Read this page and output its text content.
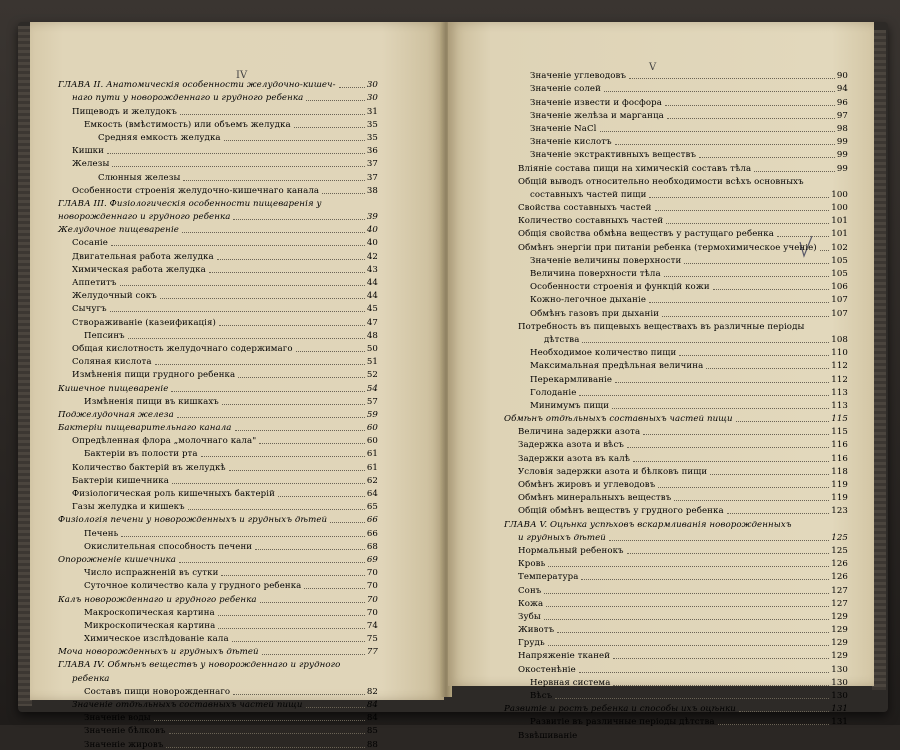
IV
V
ГЛАВА II. Анатомическія особенности желудочно-кишеч-	30
наго пути у новорожденнаго и грудного ребенка	30
Пищеводъ и желудокъ	31
Емкость (вмѣстимость) или объемъ желудка	35
Средняя емкость желудка	35
Кишки	36
Железы	37
Слюнныя железы	37
Особенности строенія желудочно-кишечнаго канала	38
ГЛАВА III. Физіологическія особенности пищеваренія у
новорожденнаго и грудного ребенка	39
Желудочное пищевареніе	40
Сосаніе	40
Двигательная работа желудка	42
Химическая работа желудка	43
Аппетитъ	44
Желудочный сокъ	44
Сычугъ	45
Створаживаніе (казеификація)	47
Пепсинъ	48
Общая кислотность желудочнаго содержимаго	50
Соляная кислота	51
Измѣненія пищи грудного ребенка	52
Кишечное пищевареніе	54
Измѣненія пищи въ кишкахъ	57
Поджелудочная железа	59
Бактеріи пищеварительнаго канала	60
Опредѣленная флора „молочнаго кала"	60
Бактеріи въ полости рта	61
Количество бактерій въ желудкѣ	61
Бактеріи кишечника	62
Физіологическая роль кишечныхъ бактерій	64
Газы желудка и кишекъ	65
Физіологія печени у новорожденныхъ и грудныхъ дѣтей	66
Печень	66
Окислительная способность печени	68
Опорожненіе кишечника	69
Число испражненій въ сутки	70
Суточное количество кала у грудного ребенка	70
Калъ новорожденнаго и грудного ребенка	70
Макроскопическая картина	70
Микроскопическая картина	74
Химическое изслѣдованіе кала	75
Моча новорожденныхъ и грудныхъ дѣтей	77
ГЛАВА IV. Обмѣнъ веществъ у новорожденнаго и грудного
ребенка
Составъ пищи новорожденнаго	82
Значеніе отдѣльныхъ составныхъ частей пищи	84
Значеніе воды	84
Значеніе бѣлковъ	85
Значеніе жировъ	88
Значеніе углеводовъ	90
Значеніе солей	94
Значеніе извести и фосфора	96
Значеніе желѣза и марганца	97
Значеніе NaCl	98
Значеніе кислотъ	99
Значеніе экстрактивныхъ веществъ	99
Вліяніе состава пищи на химическій составъ тѣла	99
Общій выводъ относительно необходимости всѣхъ основныхъ
составныхъ частей пищи	100
Свойства составныхъ частей	100
Количество составныхъ частей	101
Общія свойства обмѣна веществъ у растущаго ребенка	101
Обмѣнъ энергіи при питаніи ребенка (термохимическое ученіе) 102
Значеніе величины поверхности	105
Величина поверхности тѣла	105
Особенности строенія и функцій кожи	106
Кожно-легочное дыханіе	107
Обмѣнъ газовъ при дыханіи	107
Потребность въ пищевыхъ веществахъ въ различные періоды
дѣтства	108
Необходимое количество пищи	110
Максимальная предѣльная величина	112
Перекармливаніе	112
Голоданіе	113
Минимумъ пищи	113
Обмѣнъ отдѣльныхъ составныхъ частей пищи	115
Величина задержки азота	115
Задержка азота и вѣсъ	116
Задержки азота въ калѣ	116
Условія задержки азота и бѣлковъ пищи	118
Обмѣнъ жировъ и углеводовъ	119
Обмѣнъ минеральныхъ веществъ	119
Общій обмѣнъ веществъ у грудного ребенка	123
ГЛАВА V. Оцѣнка успѣховъ вскармливанія новорожденныхъ
и грудныхъ дѣтей	125
Нормальный ребенокъ	125
Кровь	126
Температура	126
Сонъ	127
Кожа	127
Зубы	129
Животъ	129
Грудь	129
Напряженіе тканей	129
Окостенѣніе	130
Нервная система	130
Вѣсъ	130
Развитіе и ростъ ребенка и способы ихъ оцѣнки	131
Развитіе въ различные періоды дѣтства	131
Взвѣшиваніе
